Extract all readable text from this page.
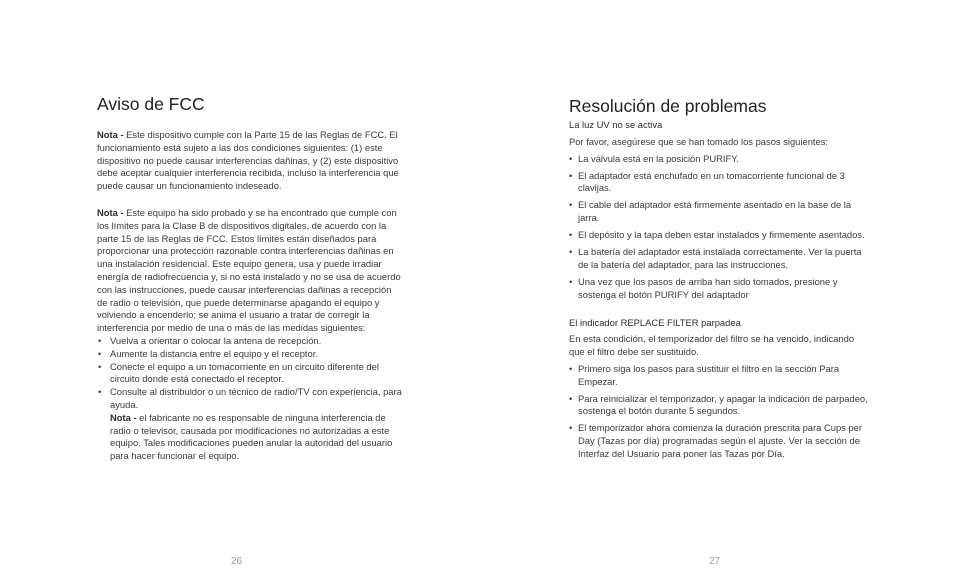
Aviso de FCC

Nota - Este dispositivo cumple con la Parte 15 de las Reglas de FCC. El funcionamiento está sujeto a las dos condiciones siguientes: (1) este dispositivo no puede causar interferencias dañinas, y (2) este dispositivo debe aceptar cualquier interferencia recibida, incluso la interferencia que puede causar un funcionamiento indeseado.

Nota - Este equipo ha sido probado y se ha encontrado que cumple con los límites para la Clase B de dispositivos digitales, de acuerdo con la parte 15 de las Reglas de FCC. Estos límites están diseñados para proporcionar una protección razonable contra interferencias dañinas en una instalación residencial. Este equipo genera, usa y puede irradiar energía de radiofrecuencia y, si no está instalado y no se usa de acuerdo con las instrucciones, puede causar interferencias dañinas a recepción de radio o televisión, que puede determinarse apagando el equipo y volviendo a encenderlo; se anima el usuario a tratar de corregir la interferencia por medio de una o más de las medidas siguientes:

• Vuelva a orientar o colocar la antena de recepción.
• Aumente la distancia entre el equipo y el receptor.
• Conecte el equipo a un tomacorriente en un circuito diferente del circuito donde está conectado el receptor.
• Consulte al distribuidor o un técnico de radio/TV con experiencia, para ayuda.

Nota - el fabricante no es responsable de ninguna interferencia de radio o televisor, causada por modificaciones no autorizadas a este equipo. Tales modificaciones pueden anular la autoridad del usuario para hacer funcionar el equipo.

26
Resolución de problemas

La luz UV no se activa

Por favor, asegúrese que se han tomado los pasos siguientes:

• La válvula está en la posición PURIFY.
• El adaptador está enchufado en un tomacorriente funcional de 3 clavijas.
• El cable del adaptador está firmemente asentado en la base de la jarra.
• El depósito y la tapa deben estar instalados y firmemente asentados.
• La batería del adaptador está instalada correctamente. Ver la puerta de la batería del adaptador, para las instrucciones.
• Una vez que los pasos de arriba han sido tomados, presione y sostenga el botón PURIFY del adaptador

El indicador REPLACE FILTER parpadea

En esta condición, el temporizador del filtro se ha vencido, indicando que el filtro debe ser sustituido.

• Primero siga los pasos para sustituir el filtro en la sección Para Empezar.
• Para reinicializar el temporizador, y apagar la indicación de parpadeo, sostenga el botón durante 5 segundos.
• El temporizador ahora comienza la duración prescrita para Cups per Day (Tazas por día) programadas según el ajuste. Ver la sección de Interfaz del Usuario para poner las Tazas por Día.
27
